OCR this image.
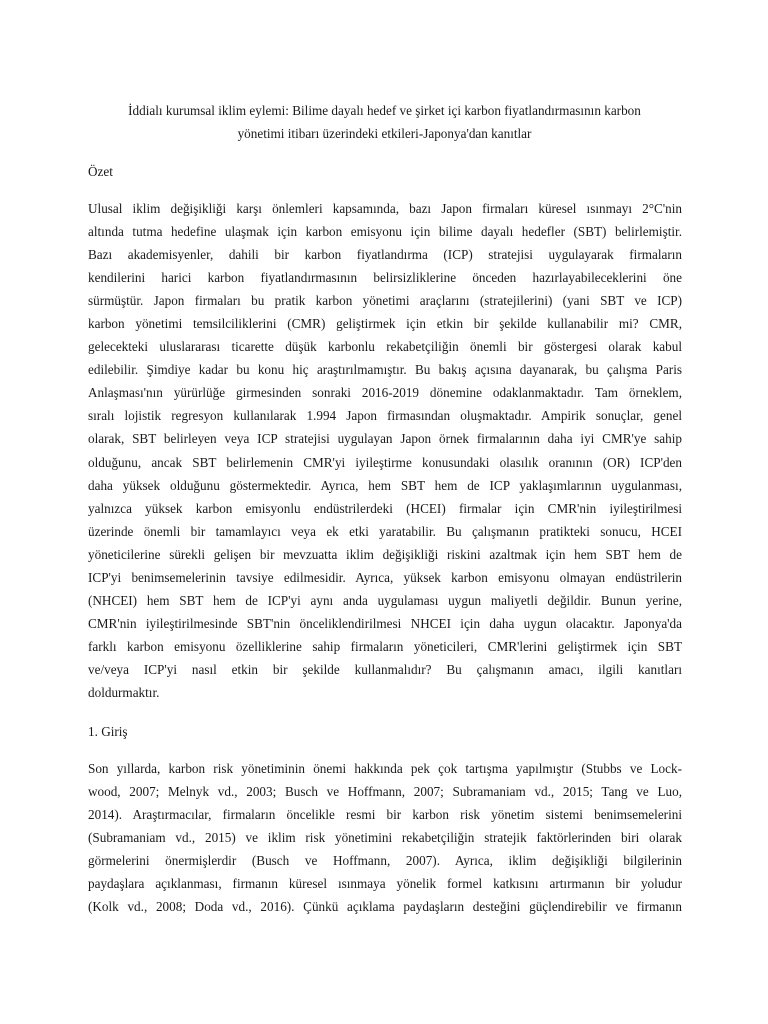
İddialı kurumsal iklim eylemi: Bilime dayalı hedef ve şirket içi karbon fiyatlandırmasının karbon
yönetimi itibarı üzerindeki etkileri-Japonya'dan kanıtlar
Özet
Ulusal iklim değişikliği karşı önlemleri kapsamında, bazı Japon firmaları küresel ısınmayı 2°C'nin
altında tutma hedefine ulaşmak için karbon emisyonu için bilime dayalı hedefler (SBT) belirlemiştir.
Bazı akademisyenler, dahili bir karbon fiyatlandırma (ICP) stratejisi uygulayarak firmaların
kendilerini harici karbon fiyatlandırmasının belirsizliklerine önceden hazırlayabileceklerini öne
sürmüştür. Japon firmaları bu pratik karbon yönetimi araçlarını (stratejilerini) (yani SBT ve ICP)
karbon yönetimi temsilciliklerini (CMR) geliştirmek için etkin bir şekilde kullanabilir mi? CMR,
gelecekteki uluslararası ticarette düşük karbonlu rekabetçiliğin önemli bir göstergesi olarak kabul
edilebilir. Şimdiye kadar bu konu hiç araştırılmamıştır. Bu bakış açısına dayanarak, bu çalışma Paris
Anlaşması'nın yürürlüğe girmesinden sonraki 2016-2019 dönemine odaklanmaktadır. Tam örneklem,
sıralı lojistik regresyon kullanılarak 1.994 Japon firmasından oluşmaktadır. Ampirik sonuçlar, genel
olarak, SBT belirleyen veya ICP stratejisi uygulayan Japon örnek firmalarının daha iyi CMR'ye sahip
olduğunu, ancak SBT belirlemenin CMR'yi iyileştirme konusundaki olasılık oranının (OR) ICP'den
daha yüksek olduğunu göstermektedir. Ayrıca, hem SBT hem de ICP yaklaşımlarının uygulanması,
yalnızca yüksek karbon emisyonlu endüstrilerdeki (HCEI) firmalar için CMR'nin iyileştirilmesi
üzerinde önemli bir tamamlayıcı veya ek etki yaratabilir. Bu çalışmanın pratikteki sonucu, HCEI
yöneticilerine sürekli gelişen bir mevzuatta iklim değişikliği riskini azaltmak için hem SBT hem de
ICP'yi benimsemelerinin tavsiye edilmesidir. Ayrıca, yüksek karbon emisyonu olmayan endüstrilerin
(NHCEI) hem SBT hem de ICP'yi aynı anda uygulaması uygun maliyetli değildir. Bunun yerine,
CMR'nin iyileştirilmesinde SBT'nin önceliklendirilmesi NHCEI için daha uygun olacaktır. Japonya'da
farklı karbon emisyonu özelliklerine sahip firmaların yöneticileri, CMR'lerini geliştirmek için SBT
ve/veya ICP'yi nasıl etkin bir şekilde kullanmalıdır? Bu çalışmanın amacı, ilgili kanıtları
doldurmaktır.
1. Giriş
Son yıllarda, karbon risk yönetiminin önemi hakkında pek çok tartışma yapılmıştır (Stubbs ve Lock-
wood, 2007; Melnyk vd., 2003; Busch ve Hoffmann, 2007; Subramaniam vd., 2015; Tang ve Luo,
2014). Araştırmacılar, firmaların öncelikle resmi bir karbon risk yönetim sistemi benimsemelerini
(Subramaniam vd., 2015) ve iklim risk yönetimini rekabetçiliğin stratejik faktörlerinden biri olarak
görmelerini önermişlerdir (Busch ve Hoffmann, 2007). Ayrıca, iklim değişikliği bilgilerinin
paydaşlara açıklanması, firmanın küresel ısınmaya yönelik formel katkısını artırmanın bir yoludur
(Kolk vd., 2008; Doda vd., 2016). Çünkü açıklama paydaşların desteğini güçlendirebilir ve firmanın
